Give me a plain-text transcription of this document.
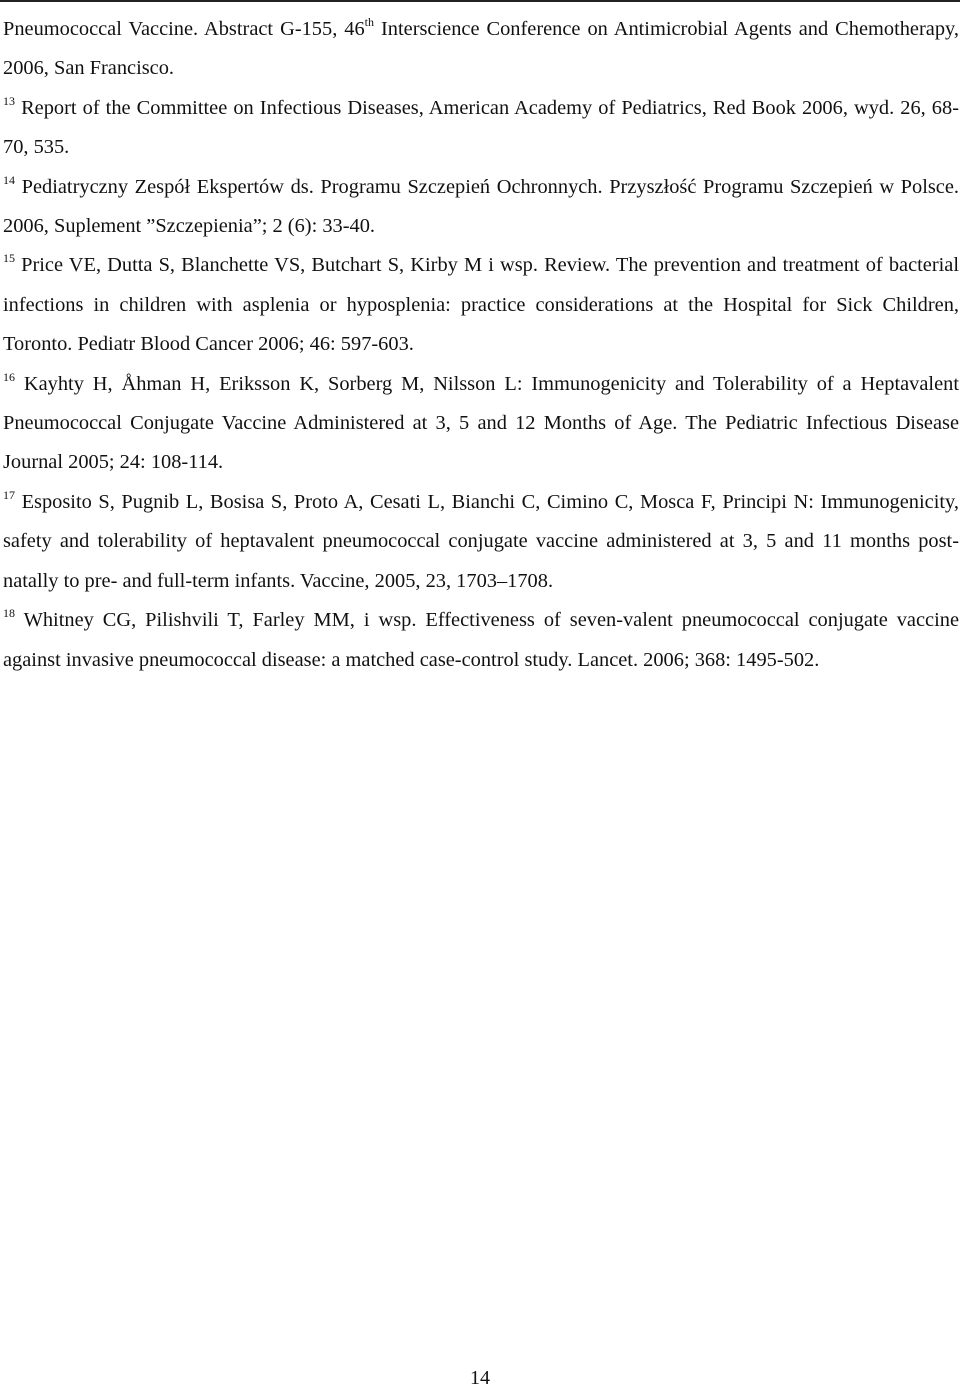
Pneumococcal Vaccine. Abstract G-155, 46th Interscience Conference on Antimicrobial Agents and Chemotherapy, 2006, San Francisco.

$^{13}$ Report of the Committee on Infectious Diseases, American Academy of Pediatrics, Red Book 2006, wyd. 26, 68-70, 535.

$^{14}$ Pediatryczny Zespół Ekspertów ds. Programu Szczepień Ochronnych. Przyszłość Programu Szczepień w Polsce. 2006, Suplement ”Szczepienia”; 2 (6): 33-40.

$^{15}$ Price VE, Dutta S, Blanchette VS, Butchart S, Kirby M i wsp. Review. The prevention and treatment of bacterial infections in children with asplenia or hyposplenia: practice considerations at the Hospital for Sick Children, Toronto. Pediatr Blood Cancer 2006; 46: 597-603.

$^{16}$ Kayhty H, Åhman H, Eriksson K, Sorberg M, Nilsson L: Immunogenicity and Tolerability of a Heptavalent Pneumococcal Conjugate Vaccine Administered at 3, 5 and 12 Months of Age. The Pediatric Infectious Disease Journal 2005; 24: 108-114.

$^{17}$ Esposito S, Pugnib L, Bosisa S, Proto A, Cesati L, Bianchi C, Cimino C, Mosca F, Principi N: Immunogenicity, safety and tolerability of heptavalent pneumococcal conjugate vaccine administered at 3, 5 and 11 months post-natally to pre- and full-term infants. Vaccine, 2005, 23, 1703–1708.

$^{18}$ Whitney CG, Pilishvili T, Farley MM, i wsp. Effectiveness of seven-valent pneumococcal conjugate vaccine against invasive pneumococcal disease: a matched case-control study. Lancet. 2006; 368: 1495-502.

14
